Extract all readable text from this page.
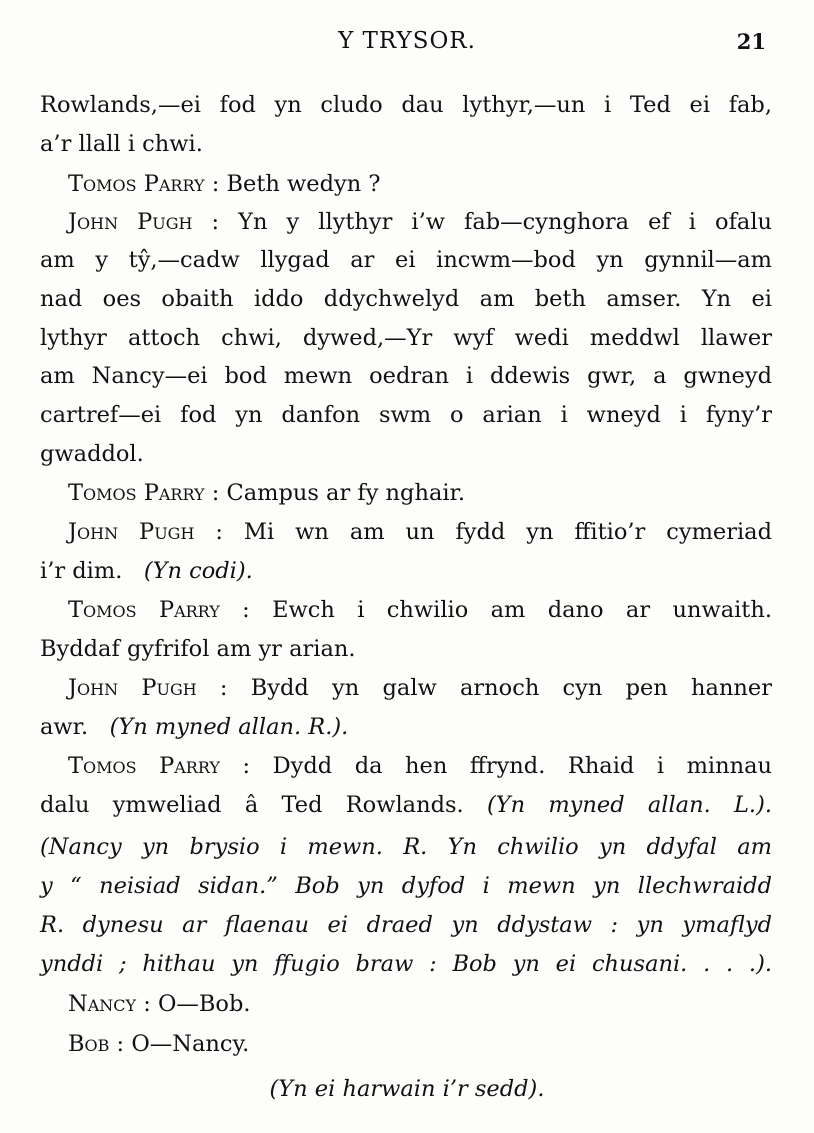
Y TRYSOR.	21
Rowlands,—ei fod yn cludo dau lythyr,—un i Ted ei fab,
a’r llall i chwi.
Tomos Parry : Beth wedyn ?
John Pugh : Yn y llythyr i’w fab—cynghora ef i ofalu
am y tŷ,—cadw llygad ar ei incwm—bod yn gynnil—am
nad oes obaith iddo ddychwelyd am beth amser. Yn ei
lythyr attoch chwi, dywed,—Yr wyf wedi meddwl llawer
am Nancy—ei bod mewn oedran i ddewis gwr, a gwneyd
cartref—ei fod yn danfon swm o arian i wneyd i fyny’r
gwaddol.
Tomos Parry : Campus ar fy nghair.
John Pugh : Mi wn am un fydd yn ffitio’r cymeriad
i’r dim. (Yn codi).
Tomos Parry : Ewch i chwilio am dano ar unwaith.
Byddaf gyfrifol am yr arian.
John Pugh : Bydd yn galw arnoch cyn pen hanner
awr. (Yn myned allan. R.).
Tomos Parry : Dydd da hen ffrynd. Rhaid i minnau
dalu ymweliad â Ted Rowlands. (Yn myned allan. L.).
(Nancy yn brysio i mewn. R. Yn chwilio yn ddyfal am
y “ neisiad sidan.” Bob yn dyfod i mewn yn llechwraidd
R. dynesu ar flaenau ei draed yn ddystaw : yn ymaflyd
ynddi ; hithau yn ffugio braw : Bob yn ei chusani. . . .).
Nancy : O—Bob.
Bob : O—Nancy.
(Yn ei harwain i’r sedd).
